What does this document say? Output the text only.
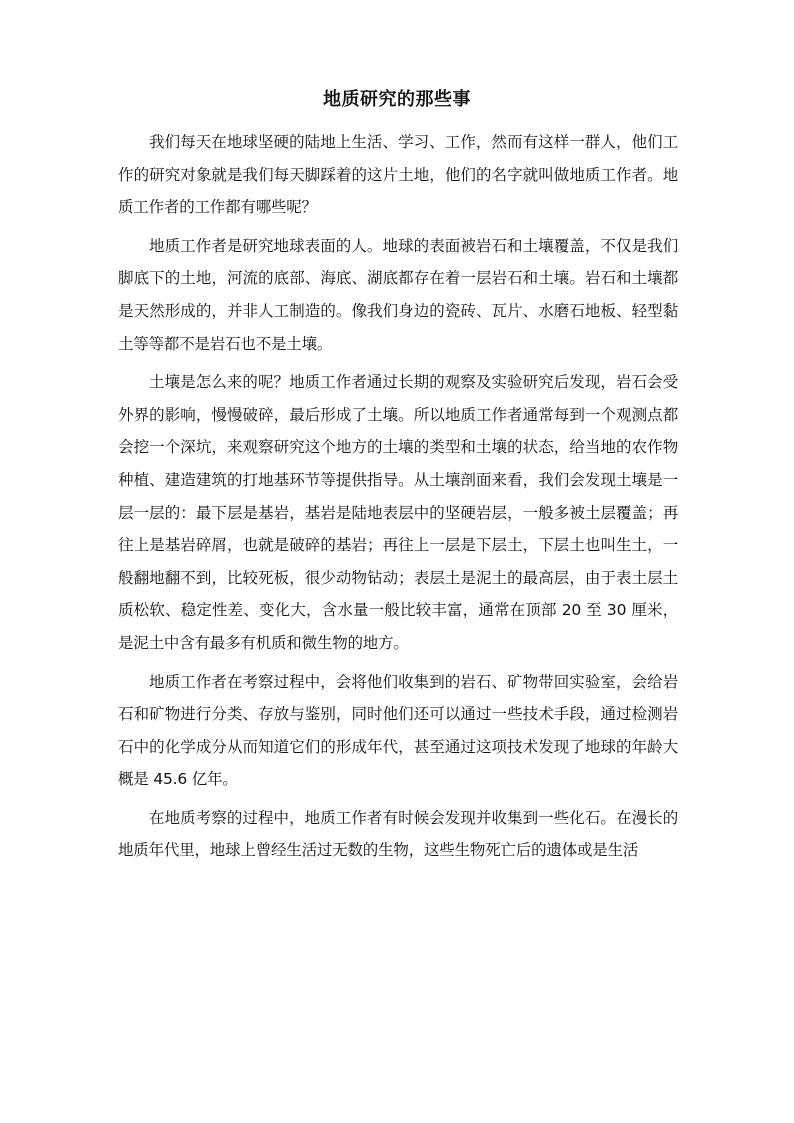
地质研究的那些事

我们每天在地球坚硬的陆地上生活、学习、工作，然而有这样一群人，他们工作的研究对象就是我们每天脚踩着的这片土地，他们的名字就叫做地质工作者。地质工作者的工作都有哪些呢？

地质工作者是研究地球表面的人。地球的表面被岩石和土壤覆盖，不仅是我们脚底下的土地，河流的底部、海底、湖底都存在着一层岩石和土壤。岩石和土壤都是天然形成的，并非人工制造的。像我们身边的瓷砖、瓦片、水磨石地板、轻型黏土等等都不是岩石也不是土壤。

土壤是怎么来的呢？地质工作者通过长期的观察及实验研究后发现，岩石会受外界的影响，慢慢破碎，最后形成了土壤。所以地质工作者通常每到一个观测点都会挖一个深坑，来观察研究这个地方的土壤的类型和土壤的状态，给当地的农作物种植、建造建筑的打地基环节等提供指导。从土壤剖面来看，我们会发现土壤是一层一层的：最下层是基岩，基岩是陆地表层中的坚硬岩层，一般多被土层覆盖；再往上是基岩碎屑，也就是破碎的基岩；再往上一层是下层土，下层土也叫生土，一般翻地翻不到，比较死板，很少动物钻动；表层土是泥土的最高层，由于表土层土质松软、稳定性差、变化大，含水量一般比较丰富，通常在顶部 20 至 30 厘米，是泥土中含有最多有机质和微生物的地方。

地质工作者在考察过程中，会将他们收集到的岩石、矿物带回实验室，会给岩石和矿物进行分类、存放与鉴别，同时他们还可以通过一些技术手段，通过检测岩石中的化学成分从而知道它们的形成年代，甚至通过这项技术发现了地球的年龄大概是 45.6 亿年。

在地质考察的过程中，地质工作者有时候会发现并收集到一些化石。在漫长的地质年代里，地球上曾经生活过无数的生物，这些生物死亡后的遗体或是生活
